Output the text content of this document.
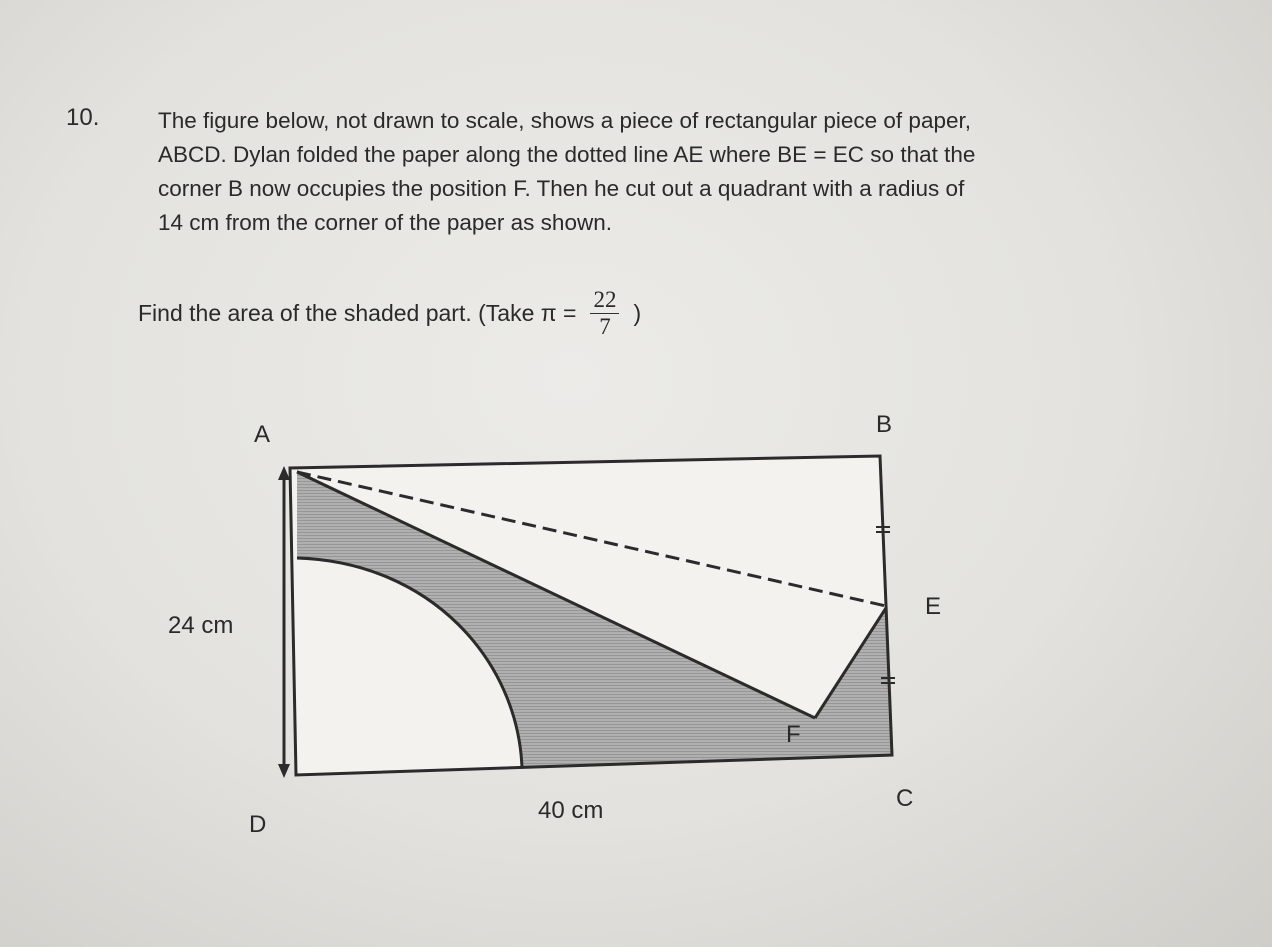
10.	The figure below, not drawn to scale, shows a piece of rectangular piece of paper,
ABCD. Dylan folded the paper along the dotted line AE where BE = EC so that the
corner B now occupies the position F. Then he cut out a quadrant with a radius of
14 cm from the corner of the paper as shown.
Find the area of the shaded part. (Take $\pi = \frac{22}{7}$ )
A	B
C
D
E
F
24 cm
40 cm
